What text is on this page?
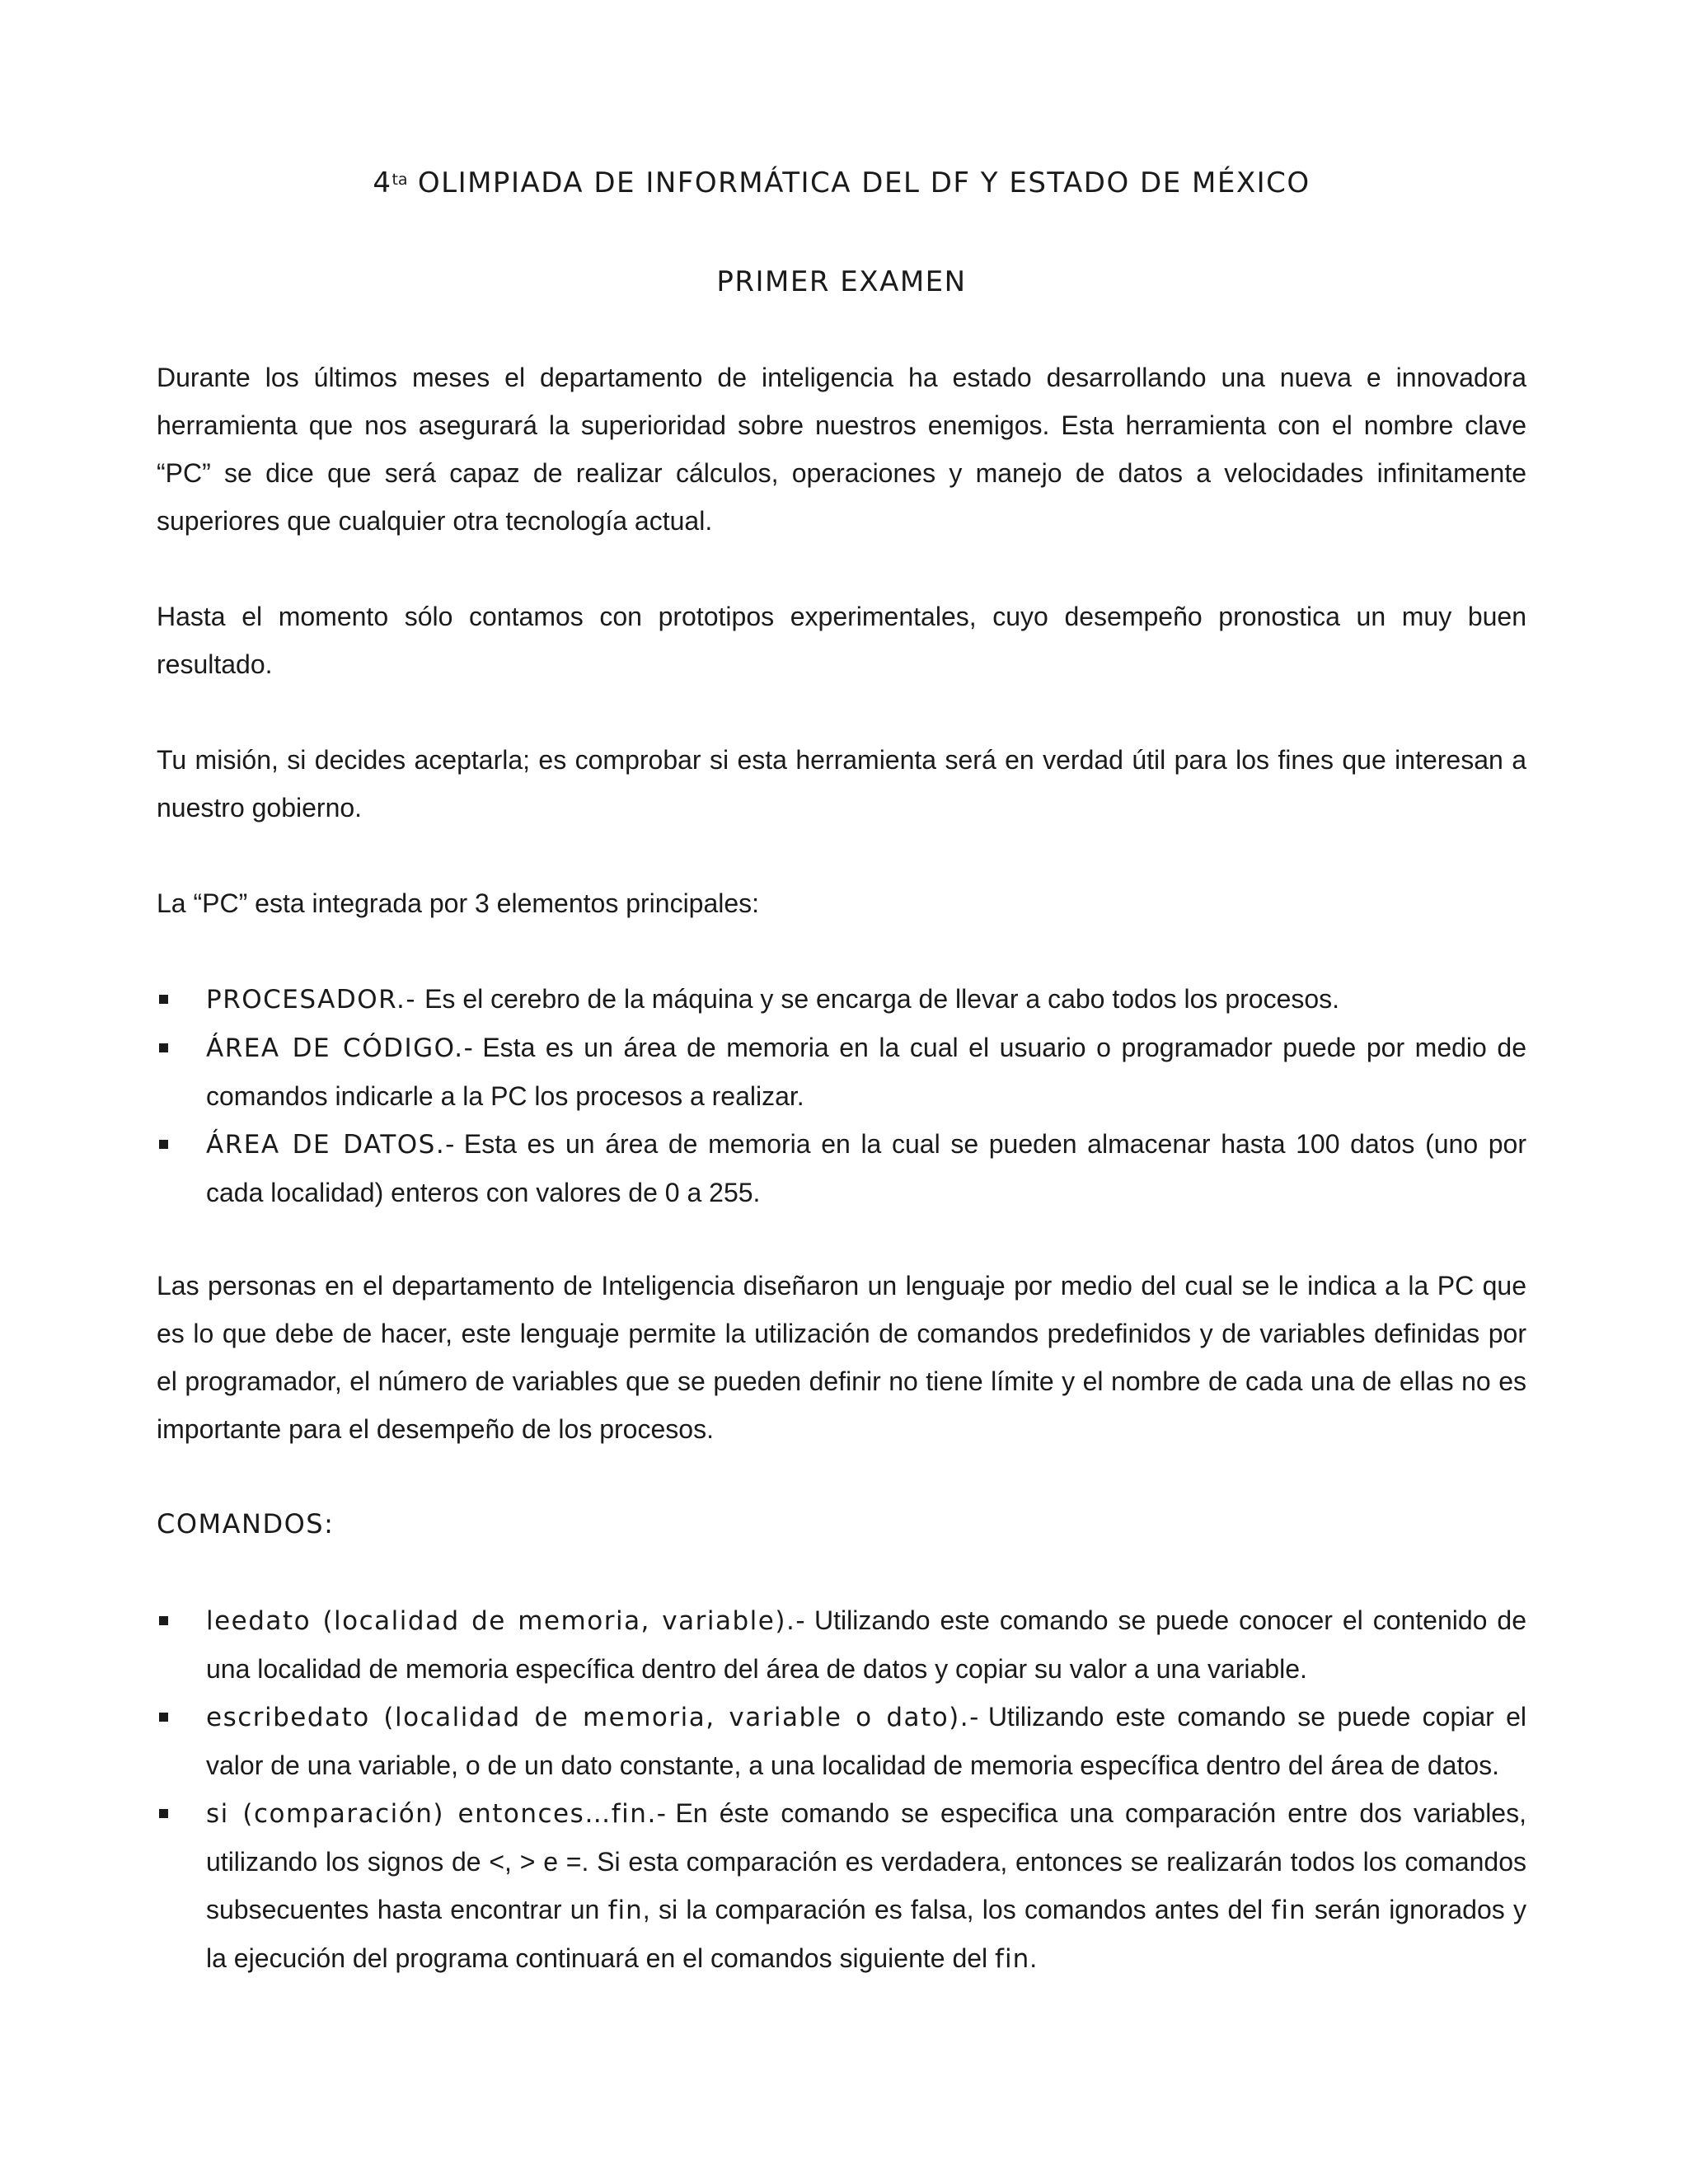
$4^{ta}$ OLIMPIADA DE INFORMÁTICA DEL DF Y ESTADO DE MÉXICO
PRIMER EXAMEN

Durante los últimos meses el departamento de inteligencia ha estado desarrollando una nueva e innovadora herramienta que nos asegurará la superioridad sobre nuestros enemigos. Esta herramienta con el nombre clave “PC” se dice que será capaz de realizar cálculos, operaciones y manejo de datos a velocidades infinitamente superiores que cualquier otra tecnología actual.

Hasta el momento sólo contamos con prototipos experimentales, cuyo desempeño pronostica un muy buen resultado.

Tu misión, si decides aceptarla; es comprobar si esta herramienta será en verdad útil para los fines que interesan a nuestro gobierno.

La “PC” esta integrada por 3 elementos principales:

PROCESADOR.- Es el cerebro de la máquina y se encarga de llevar a cabo todos los procesos.
ÁREA DE CÓDIGO.- Esta es un área de memoria en la cual el usuario o programador puede por medio de comandos indicarle a la PC los procesos a realizar.
ÁREA DE DATOS.- Esta es un área de memoria en la cual se pueden almacenar hasta 100 datos (uno por cada localidad) enteros con valores de 0 a 255.

Las personas en el departamento de Inteligencia diseñaron un lenguaje por medio del cual se le indica a la PC que es lo que debe de hacer, este lenguaje permite la utilización de comandos predefinidos y de variables definidas por el programador, el número de variables que se pueden definir no tiene límite y el nombre de cada una de ellas no es importante para el desempeño de los procesos.

COMANDOS:
leedato (localidad de memoria, variable).- Utilizando este comando se puede conocer el contenido de una localidad de memoria específica dentro del área de datos y copiar su valor a una variable.
escribedato (localidad de memoria, variable o dato).- Utilizando este comando se puede copiar el valor de una variable, o de un dato constante, a una localidad de memoria específica dentro del área de datos.
si (comparación) entonces…fin.- En éste comando se especifica una comparación entre dos variables, utilizando los signos de <, > e =. Si esta comparación es verdadera, entonces se realizarán todos los comandos subsecuentes hasta encontrar un fin, si la comparación es falsa, los comandos antes del fin serán ignorados y la ejecución del programa continuará en el comandos siguiente del fin.
